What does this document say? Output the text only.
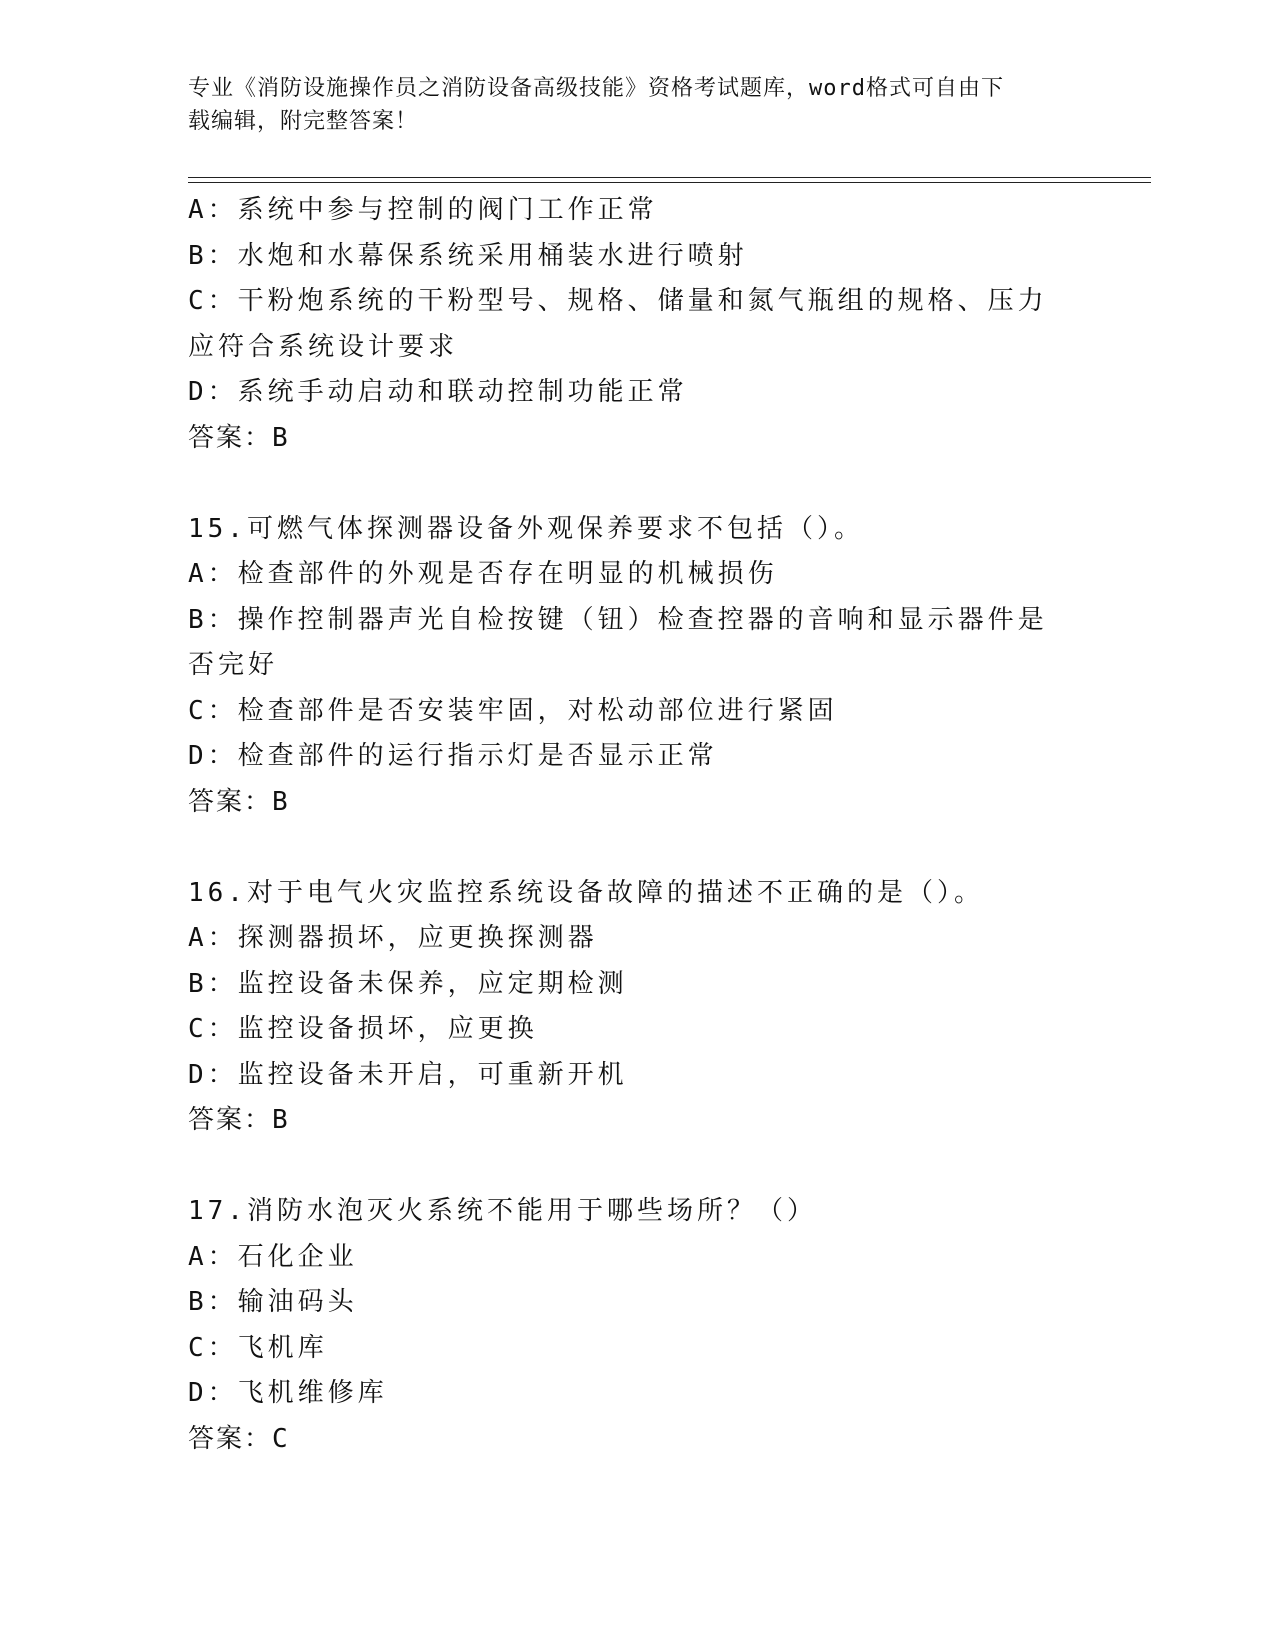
专业《消防设施操作员之消防设备高级技能》资格考试题库，word格式可自由下
载编辑，附完整答案！
A：系统中参与控制的阀门工作正常
B：水炮和水幕保系统采用桶装水进行喷射
C：干粉炮系统的干粉型号、规格、储量和氮气瓶组的规格、压力应符合系统设计要求
D：系统手动启动和联动控制功能正常
答案：B
15.可燃气体探测器设备外观保养要求不包括（）。
A：检查部件的外观是否存在明显的机械损伤
B：操作控制器声光自检按键（钮）检查控器的音响和显示器件是否完好
C：检查部件是否安装牢固，对松动部位进行紧固
D：检查部件的运行指示灯是否显示正常
答案：B
16.对于电气火灾监控系统设备故障的描述不正确的是（）。
A：探测器损坏，应更换探测器
B：监控设备未保养，应定期检测
C：监控设备损坏，应更换
D：监控设备未开启，可重新开机
答案：B
17.消防水泡灭火系统不能用于哪些场所？（）
A：石化企业
B：输油码头
C：飞机库
D：飞机维修库
答案：C
